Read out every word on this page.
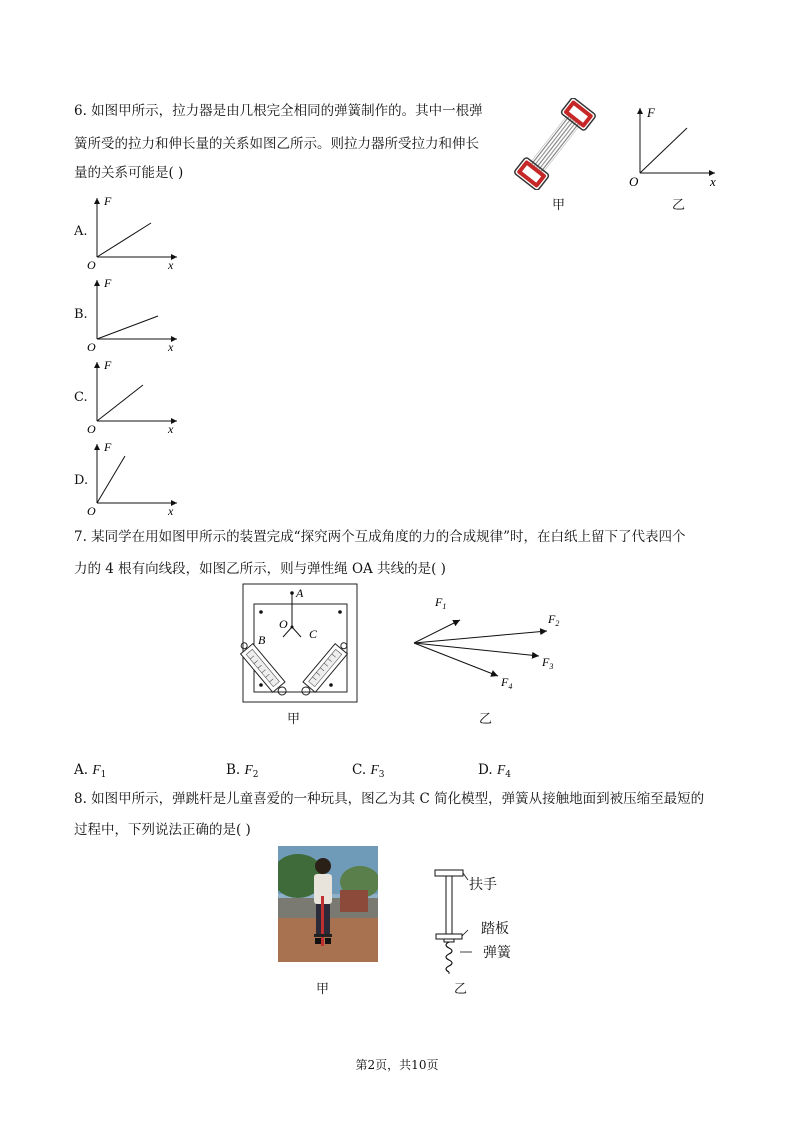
6. 如图甲所示，拉力器是由几根完全相同的弹簧制作的。其中一根弹
簧所受的拉力和伸长量的关系如图乙所示。则拉力器所受拉力和伸长
量的关系可能是( )
甲
F
x
O
乙
A.
F
x
O
B.
F
x
O
C.
F
x
O
D.
F
x
O
7. 某同学在用如图甲所示的装置完成“探究两个互成角度的力的合成规律”时，在白纸上留下了代表四个
力的 4 根有向线段，如图乙所示，则与弹性绳 OA 共线的是( )
A
O
B	C
甲
$F_1$
$F_2$
$F_3$
$F_4$
乙
A. $F_1$	B. $F_2$	C. $F_3$	D. $F_4$
8. 如图甲所示，弹跳杆是儿童喜爱的一种玩具，图乙为其 C 简化模型，弹簧从接触地面到被压缩至最短的
过程中，下列说法正确的是( )
甲
扶手
踏板
弹簧
乙
第2页，共10页
